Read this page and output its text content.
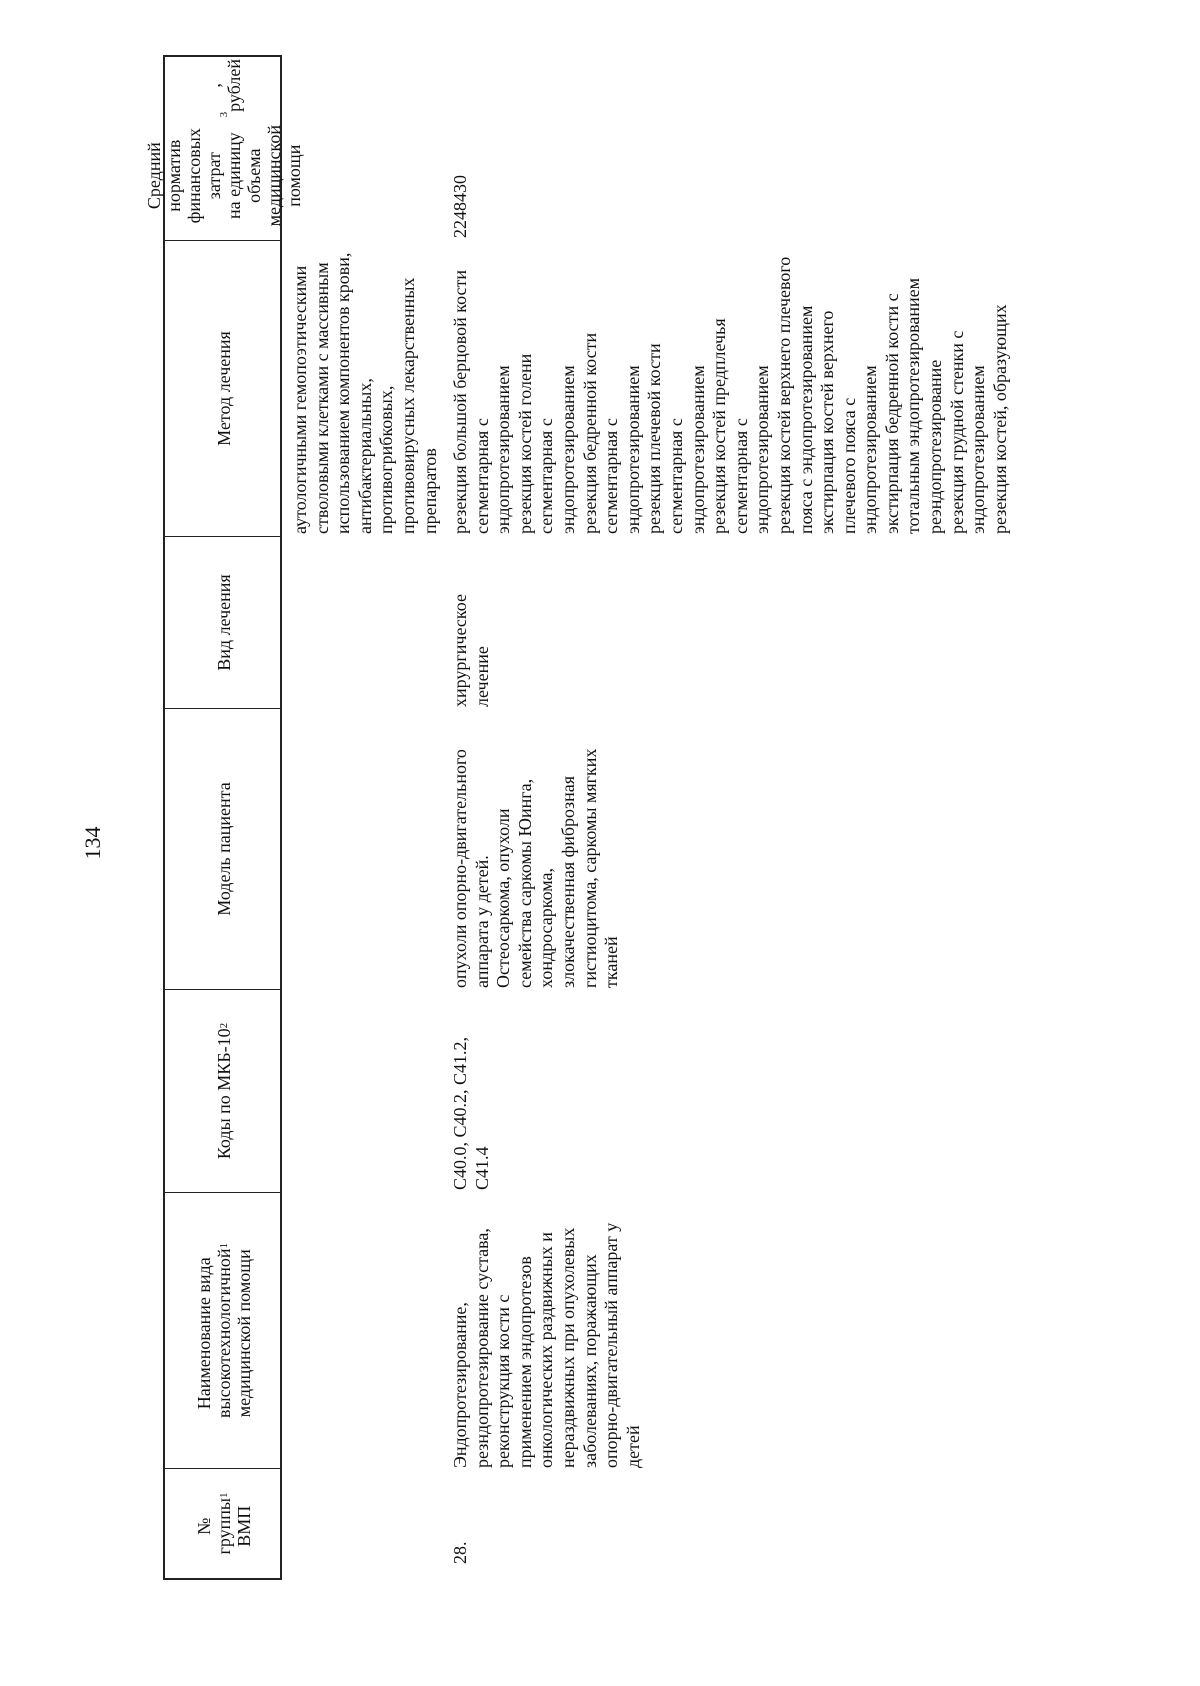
134
№
группы
ВМП
1
Наименование вида
высокотехнологичной
медицинской помощи
1
Коды по МКБ-10
2
Модель пациента
Вид лечения
Метод лечения
Средний норматив
финансовых затрат
на единицу объема
медицинской
помощи
3
, рублей
аутологичными гемопоэтическими
стволовыми клетками с массивным
использованием компонентов крови,
антибактериальных,
противогрибковых,
противовирусных лекарственных
препаратов
28.
Эндопротезирование,
резндопротезирование сустава,
реконструкция кости с
применением эндопротезов
онкологических раздвижных и
нераздвижных при опухолевых
заболеваниях, поражающих
опорно-двигательный аппарат у
детей
C40.0, C40.2, C41.2,
C41.4
опухоли опорно-двигательного
аппарата у детей.
Остеосаркома, опухоли
семейства саркомы Юинга,
хондросаркома,
злокачественная фиброзная
гистиоцитома, саркомы мягких
тканей
хирургическое
лечение
резекция большой берцовой кости
сегментарная с
эндопротезированием
резекция костей голени
сегментарная с
эндопротезированием
резекция бедренной кости
сегментарная с
эндопротезированием
резекция плечевой кости
сегментарная с
эндопротезированием
резекция костей предплечья
сегментарная с
эндопротезированием
резекция костей верхнего плечевого
пояса с эндопротезированием
экстирпация костей верхнего
плечевого пояса с
эндопротезированием
экстирпация бедренной кости с
тотальным эндопротезированием
реэндопротезирование
резекция грудной стенки с
эндопротезированием
резекция костей, образующих
2248430
